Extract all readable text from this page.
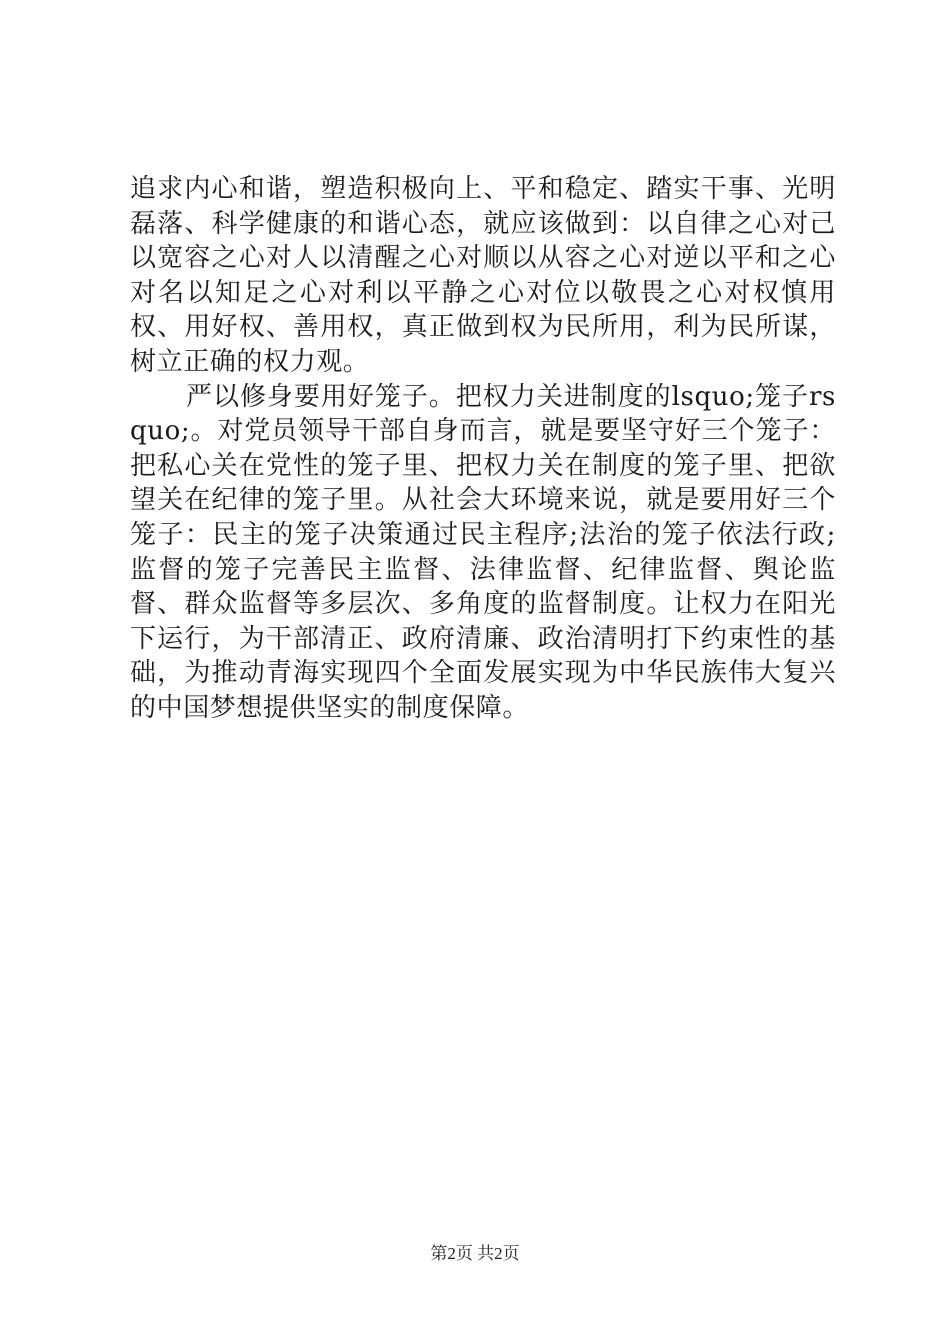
追求内心和谐，塑造积极向上、平和稳定、踏实干事、光明磊落、科学健康的和谐心态，就应该做到：以自律之心对己以宽容之心对人以清醒之心对顺以从容之心对逆以平和之心对名以知足之心对利以平静之心对位以敬畏之心对权慎用权、用好权、善用权，真正做到权为民所用，利为民所谋，树立正确的权力观。

严以修身要用好笼子。把权力关进制度的lsquo;笼子rsquo;。对党员领导干部自身而言，就是要坚守好三个笼子：把私心关在党性的笼子里、把权力关在制度的笼子里、把欲望关在纪律的笼子里。从社会大环境来说，就是要用好三个笼子：民主的笼子决策通过民主程序;法治的笼子依法行政;监督的笼子完善民主监督、法律监督、纪律监督、舆论监督、群众监督等多层次、多角度的监督制度。让权力在阳光下运行，为干部清正、政府清廉、政治清明打下约束性的基础，为推动青海实现四个全面发展实现为中华民族伟大复兴的中国梦想提供坚实的制度保障。

第2页 共2页
